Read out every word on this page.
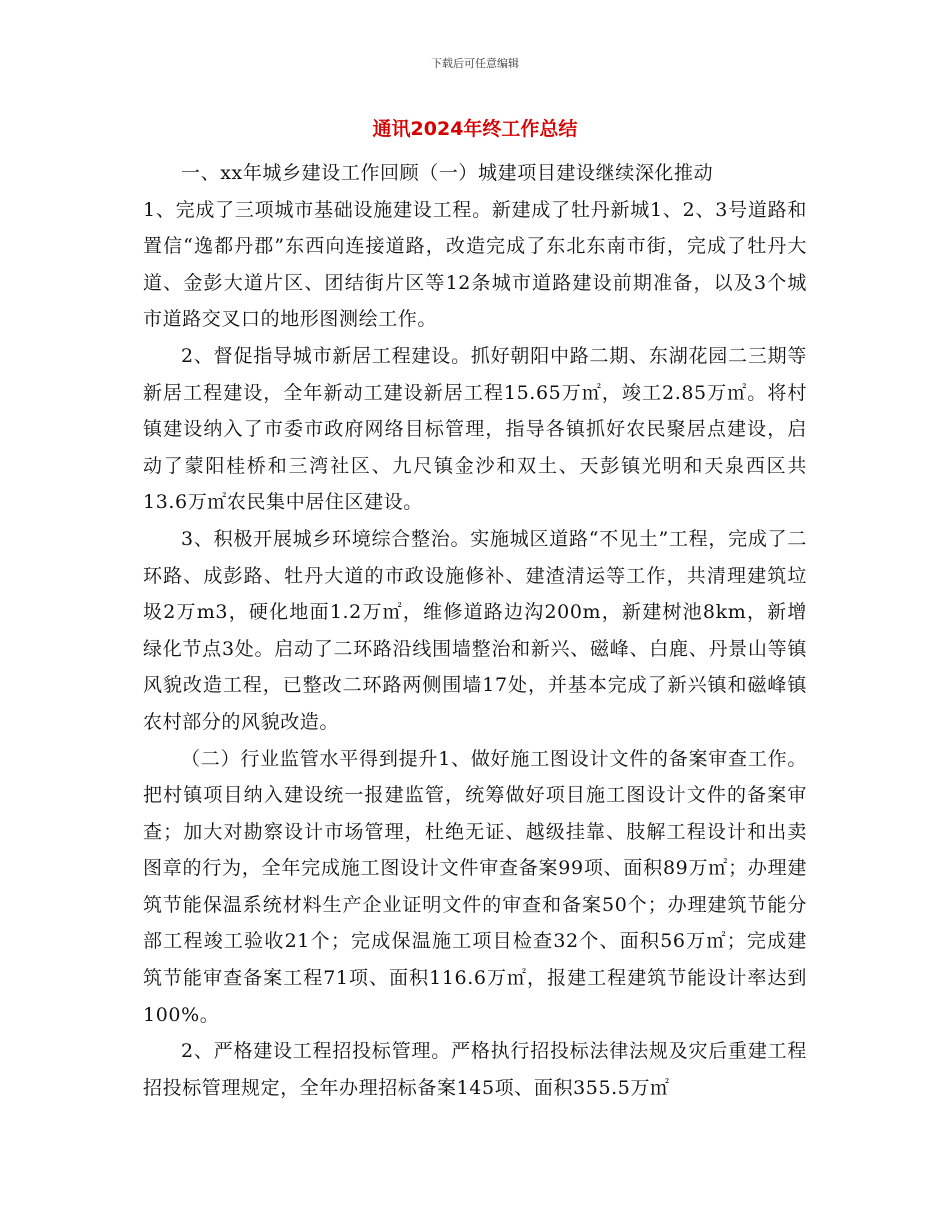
下载后可任意编辑
通讯2024年终工作总结

一、xx年城乡建设工作回顾（一）城建项目建设继续深化推动

1、完成了三项城市基础设施建设工程。新建成了牡丹新城1、2、3号道路和置信“逸都丹郡”东西向连接道路，改造完成了东北东南市街，完成了牡丹大道、金彭大道片区、团结街片区等12条城市道路建设前期准备，以及3个城市道路交叉口的地形图测绘工作。

2、督促指导城市新居工程建设。抓好朝阳中路二期、东湖花园二三期等新居工程建设，全年新动工建设新居工程15.65万㎡，竣工2.85万㎡。将村镇建设纳入了市委市政府网络目标管理，指导各镇抓好农民聚居点建设，启动了蒙阳桂桥和三湾社区、九尺镇金沙和双土、天彭镇光明和天泉西区共13.6万㎡农民集中居住区建设。

3、积极开展城乡环境综合整治。实施城区道路“不见土”工程，完成了二环路、成彭路、牡丹大道的市政设施修补、建渣清运等工作，共清理建筑垃圾2万m3，硬化地面1.2万㎡，维修道路边沟200m，新建树池8km，新增绿化节点3处。启动了二环路沿线围墙整治和新兴、磁峰、白鹿、丹景山等镇风貌改造工程，已整改二环路两侧围墙17处，并基本完成了新兴镇和磁峰镇农村部分的风貌改造。

（二）行业监管水平得到提升1、做好施工图设计文件的备案审查工作。把村镇项目纳入建设统一报建监管，统筹做好项目施工图设计文件的备案审查；加大对勘察设计市场管理，杜绝无证、越级挂靠、肢解工程设计和出卖图章的行为，全年完成施工图设计文件审查备案99项、面积89万㎡；办理建筑节能保温系统材料生产企业证明文件的审查和备案50个；办理建筑节能分部工程竣工验收21个；完成保温施工项目检查32个、面积56万㎡；完成建筑节能审查备案工程71项、面积116.6万㎡，报建工程建筑节能设计率达到100%。

2、严格建设工程招投标管理。严格执行招投标法律法规及灾后重建工程招投标管理规定，全年办理招标备案145项、面积355.5万㎡
